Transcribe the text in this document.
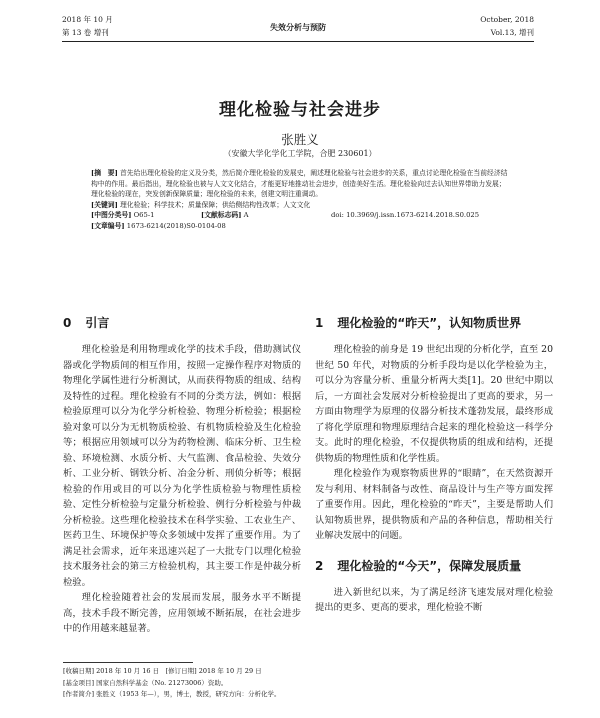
2018 年 10 月
第 13 卷 增刊
失效分析与预防
October, 2018
Vol.13, 增刊
理化检验与社会进步

张胜义

（安徽大学化学化工学院，合肥 230601）

[摘　要] 首先给出理化检验的定义及分类，然后简介理化检验的发展史，阐述理化检验与社会进步的关系，重点讨论理化检验在当前经济结构中的作用。最后指出，理化检验也被与人文文化结合，才能更好地推动社会进步，创造美好生活。理化检验向过去认知世界带助力发展；理化检验的现在，突发创新保障质量；理化检验的未来，创建文明注重调动。
[关键词] 理化检验；科学技术；质量保障；供给侧结构性改革；人文文化
[中图分类号] O65-1	[文献标志码] A	doi: 10.3969/j.issn.1673-6214.2018.S0.025
[文章编号] 1673-6214(2018)S0-0104-08
0 引言

理化检验是利用物理或化学的技术手段，借助测试仪器或化学物质间的相互作用，按照一定操作程序对物质的物理化学属性进行分析测试，从而获得物质的组成、结构及特性的过程。理化检验有不同的分类方法，例如：根据检验原理可以分为化学分析检验、物理分析检验；根据检验对象可以分为无机物质检验、有机物质检验及生化检验等；根据应用领域可以分为药物检测、临床分析、卫生检验、环境检测、水质分析、大气监测、食品检验、失效分析、工业分析、钢铁分析、冶金分析、刑侦分析等；根据检验的作用或目的可以分为化学性质检验与物理性质检验、定性分析检验与定量分析检验、例行分析检验与仲裁分析检验。这些理化检验技术在科学实验、工农业生产、医药卫生、环境保护等众多领域中发挥了重要作用。为了满足社会需求，近年来迅速兴起了一大批专门以理化检验技术服务社会的第三方检验机构，其主要工作是仲裁分析检验。

理化检验随着社会的发展而发展，服务水平不断提高，技术手段不断完善，应用领域不断拓展，在社会进步中的作用越来越显著。

1 理化检验的“昨天”，认知物质世界

理化检验的前身是 19 世纪出现的分析化学，直至 20 世纪 50 年代，对物质的分析手段均是以化学检验为主，可以分为容量分析、重量分析两大类[1]。20 世纪中期以后，一方面社会发展对分析检验提出了更高的要求，另一方面由物理学为原理的仪器分析技术蓬勃发展，最终形成了将化学原理和物理原理结合起来的理化检验这一科学分支。此时的理化检验，不仅提供物质的组成和结构，还提供物质的物理性质和化学性质。

理化检验作为观察物质世界的“眼睛”，在天然资源开发与利用、材料制备与改性、商品设计与生产等方面发挥了重要作用。因此，理化检验的“昨天”，主要是帮助人们认知物质世界，提供物质和产品的各种信息，帮助相关行业解决发展中的问题。

2 理化检验的“今天”，保障发展质量

进入新世纪以来，为了满足经济飞速发展对理化检验提出的更多、更高的要求，理化检验不断

[收稿日期] 2018 年 10 月 16 日　 [修订日期] 2018 年 10 月 29 日
[基金项目] 国家自然科学基金（No. 21273006）资助。
[作者简介] 张胜义（1953 年—），男，博士，教授，研究方向：分析化学。
